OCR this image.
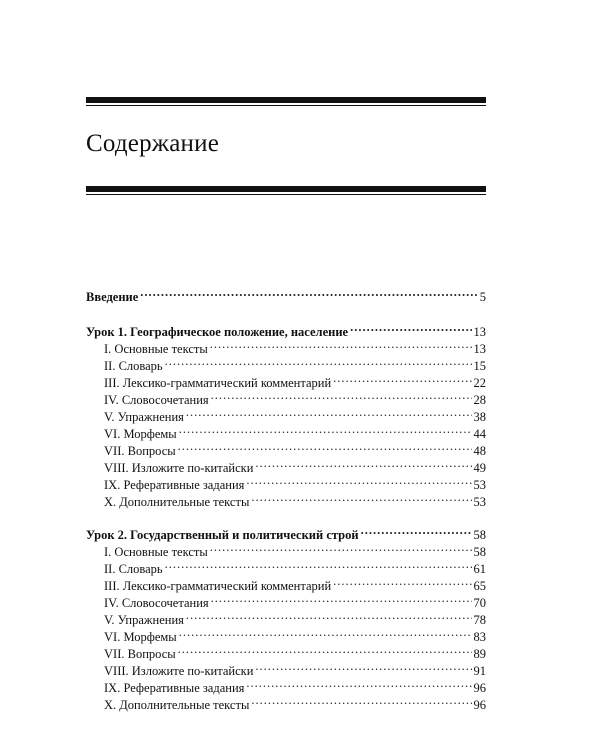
Содержание
Введение .....	5
Урок 1. Географическое положение, население .....	13
I. Основные тексты .....	13
II. Словарь .....	15
III. Лексико-грамматический комментарий .....	22
IV. Словосочетания .....	28
V. Упражнения .....	38
VI. Морфемы .....	44
VII. Вопросы .....	48
VIII. Изложите по-китайски .....	49
IX. Реферативные задания .....	53
X. Дополнительные тексты .....	53
Урок 2. Государственный и политический строй .....	58
I. Основные тексты .....	58
II. Словарь .....	61
III. Лексико-грамматический комментарий .....	65
IV. Словосочетания .....	70
V. Упражнения .....	78
VI. Морфемы .....	83
VII. Вопросы .....	89
VIII. Изложите по-китайски .....	91
IX. Реферативные задания .....	96
X. Дополнительные тексты .....	96
